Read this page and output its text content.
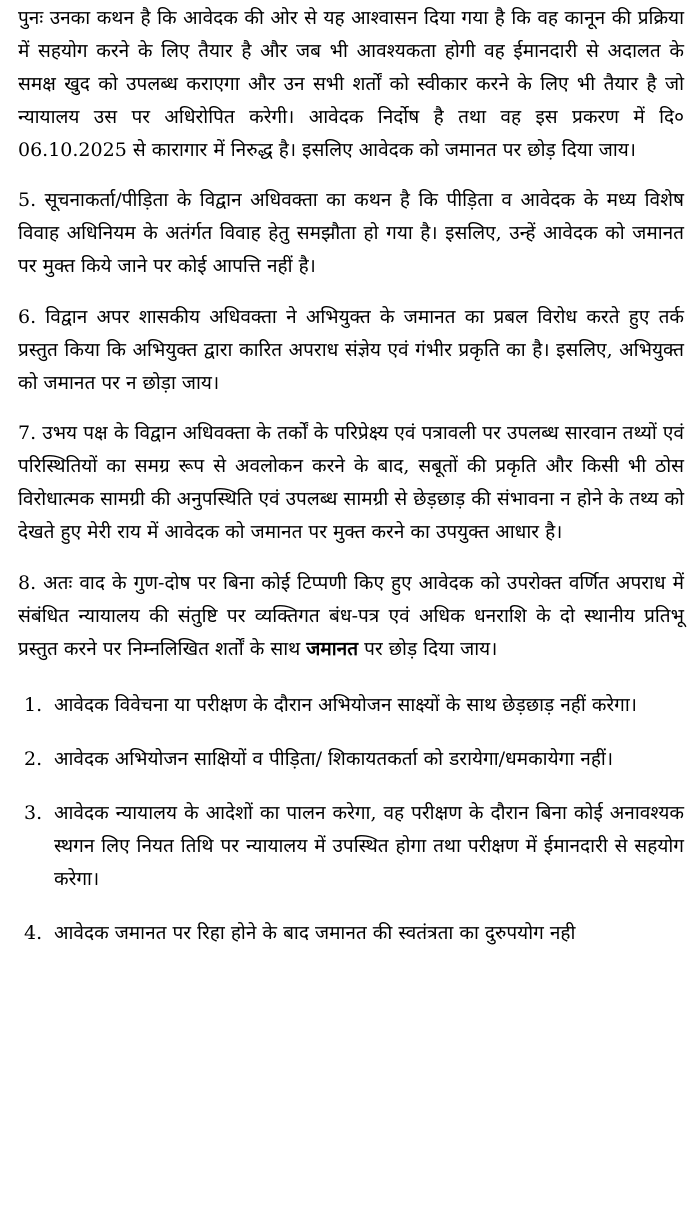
पुनः उनका कथन है कि आवेदक की ओर से यह आश्वासन दिया गया है कि वह कानून की प्रक्रिया में सहयोग करने के लिए तैयार है और जब भी आवश्यकता होगी वह ईमानदारी से अदालत के समक्ष खुद को उपलब्ध कराएगा और उन सभी शर्तों को स्वीकार करने के लिए भी तैयार है जो न्यायालय उस पर अधिरोपित करेगी। आवेदक निर्दोष है तथा वह इस प्रकरण में दि० 06.10.2025 से कारागार में निरुद्ध है। इसलिए आवेदक को जमानत पर छोड़ दिया जाय।

5. सूचनाकर्ता/पीड़िता के विद्वान अधिवक्ता का कथन है कि पीड़िता व आवेदक के मध्य विशेष विवाह अधिनियम के अतंर्गत विवाह हेतु समझौता हो गया है। इसलिए, उन्हें आवेदक को जमानत पर मुक्त किये जाने पर कोई आपत्ति नहीं है।

6. विद्वान अपर शासकीय अधिवक्ता ने अभियुक्त के जमानत का प्रबल विरोध करते हुए तर्क प्रस्तुत किया कि अभियुक्त द्वारा कारित अपराध संज्ञेय एवं गंभीर प्रकृति का है। इसलिए, अभियुक्त को जमानत पर न छोड़ा जाय।

7. उभय पक्ष के विद्वान अधिवक्ता के तर्कों के परिप्रेक्ष्य एवं पत्रावली पर उपलब्ध सारवान तथ्यों एवं परिस्थितियों का समग्र रूप से अवलोकन करने के बाद, सबूतों की प्रकृति और किसी भी ठोस विरोधात्मक सामग्री की अनुपस्थिति एवं उपलब्ध सामग्री से छेड़छाड़ की संभावना न होने के तथ्य को देखते हुए मेरी राय में आवेदक को जमानत पर मुक्त करने का उपयुक्त आधार है।

8. अतः वाद के गुण-दोष पर बिना कोई टिप्पणी किए हुए आवेदक को उपरोक्त वर्णित अपराध में संबंधित न्यायालय की संतुष्टि पर व्यक्तिगत बंध-पत्र एवं अधिक धनराशि के दो स्थानीय प्रतिभू प्रस्तुत करने पर निम्नलिखित शर्तों के साथ जमानत पर छोड़ दिया जाय।

1. आवेदक विवेचना या परीक्षण के दौरान अभियोजन साक्ष्यों के साथ छेड़छाड़ नहीं करेगा।
2. आवेदक अभियोजन साक्षियों व पीड़िता/ शिकायतकर्ता को डरायेगा/धमकायेगा नहीं।
3. आवेदक न्यायालय के आदेशों का पालन करेगा, वह परीक्षण के दौरान बिना कोई अनावश्यक स्थगन लिए नियत तिथि पर न्यायालय में उपस्थित होगा तथा परीक्षण में ईमानदारी से सहयोग करेगा।
4. आवेदक जमानत पर रिहा होने के बाद जमानत की स्वतंत्रता का दुरुपयोग नही
